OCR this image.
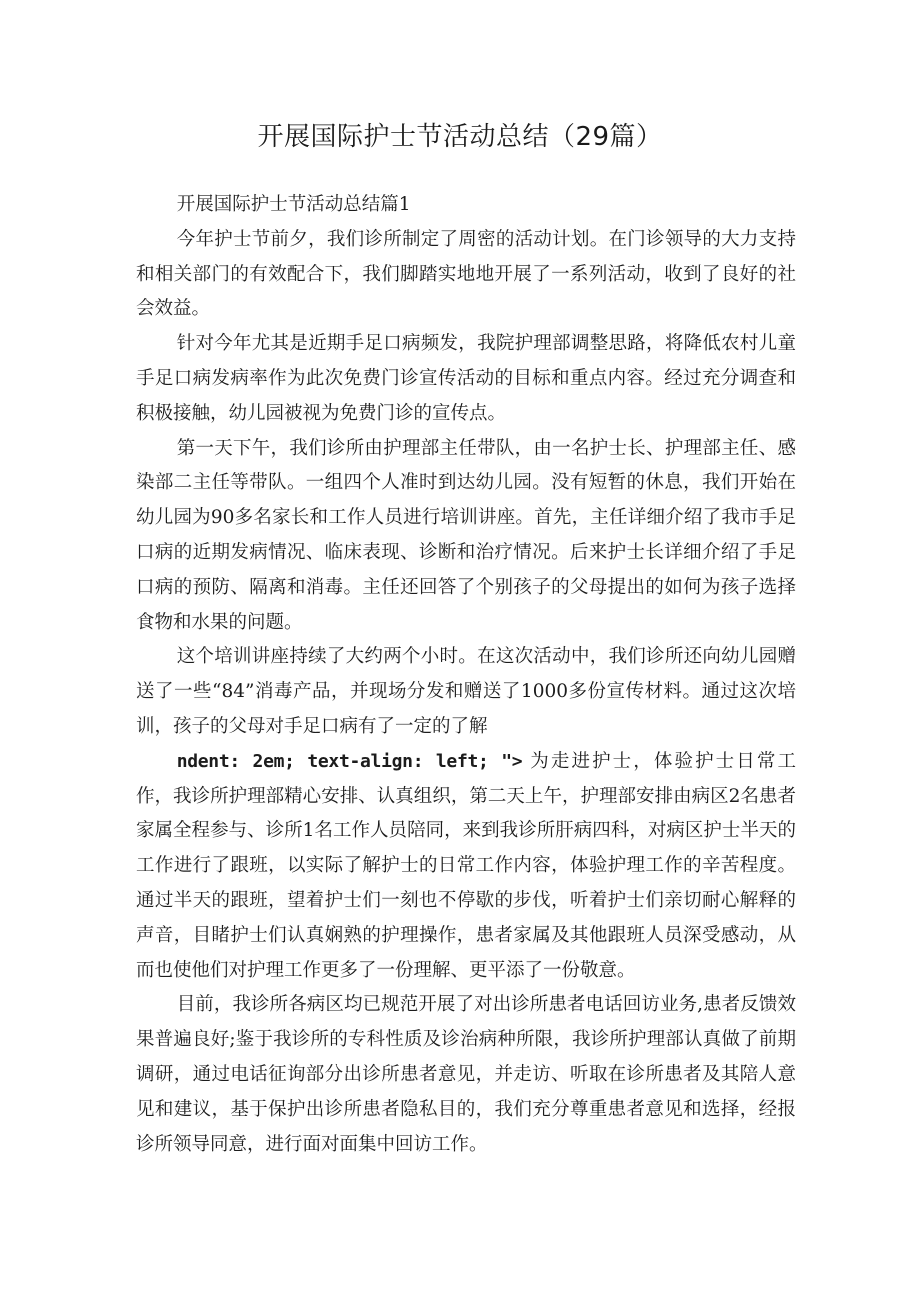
开展国际护士节活动总结（29篇）

开展国际护士节活动总结篇1

今年护士节前夕，我们诊所制定了周密的活动计划。在门诊领导的大力支持和相关部门的有效配合下，我们脚踏实地地开展了一系列活动，收到了良好的社会效益。

针对今年尤其是近期手足口病频发，我院护理部调整思路，将降低农村儿童手足口病发病率作为此次免费门诊宣传活动的目标和重点内容。经过充分调查和积极接触，幼儿园被视为免费门诊的宣传点。

第一天下午，我们诊所由护理部主任带队，由一名护士长、护理部主任、感染部二主任等带队。一组四个人准时到达幼儿园。没有短暂的休息，我们开始在幼儿园为90多名家长和工作人员进行培训讲座。首先，主任详细介绍了我市手足口病的近期发病情况、临床表现、诊断和治疗情况。后来护士长详细介绍了手足口病的预防、隔离和消毒。主任还回答了个别孩子的父母提出的如何为孩子选择食物和水果的问题。

这个培训讲座持续了大约两个小时。在这次活动中，我们诊所还向幼儿园赠送了一些“84”消毒产品，并现场分发和赠送了1000多份宣传材料。通过这次培训，孩子的父母对手足口病有了一定的了解

ndent: 2em; text-align: left; "> 为走进护士，体验护士日常工作，我诊所护理部精心安排、认真组织，第二天上午，护理部安排由病区2名患者家属全程参与、诊所1名工作人员陪同，来到我诊所肝病四科，对病区护士半天的工作进行了跟班，以实际了解护士的日常工作内容，体验护理工作的辛苦程度。通过半天的跟班，望着护士们一刻也不停歇的步伐，听着护士们亲切耐心解释的声音，目睹护士们认真娴熟的护理操作，患者家属及其他跟班人员深受感动，从而也使他们对护理工作更多了一份理解、更平添了一份敬意。

目前，我诊所各病区均已规范开展了对出诊所患者电话回访业务,患者反馈效果普遍良好;鉴于我诊所的专科性质及诊治病种所限，我诊所护理部认真做了前期调研，通过电话征询部分出诊所患者意见，并走访、听取在诊所患者及其陪人意见和建议，基于保护出诊所患者隐私目的，我们充分尊重患者意见和选择，经报诊所领导同意，进行面对面集中回访工作。
